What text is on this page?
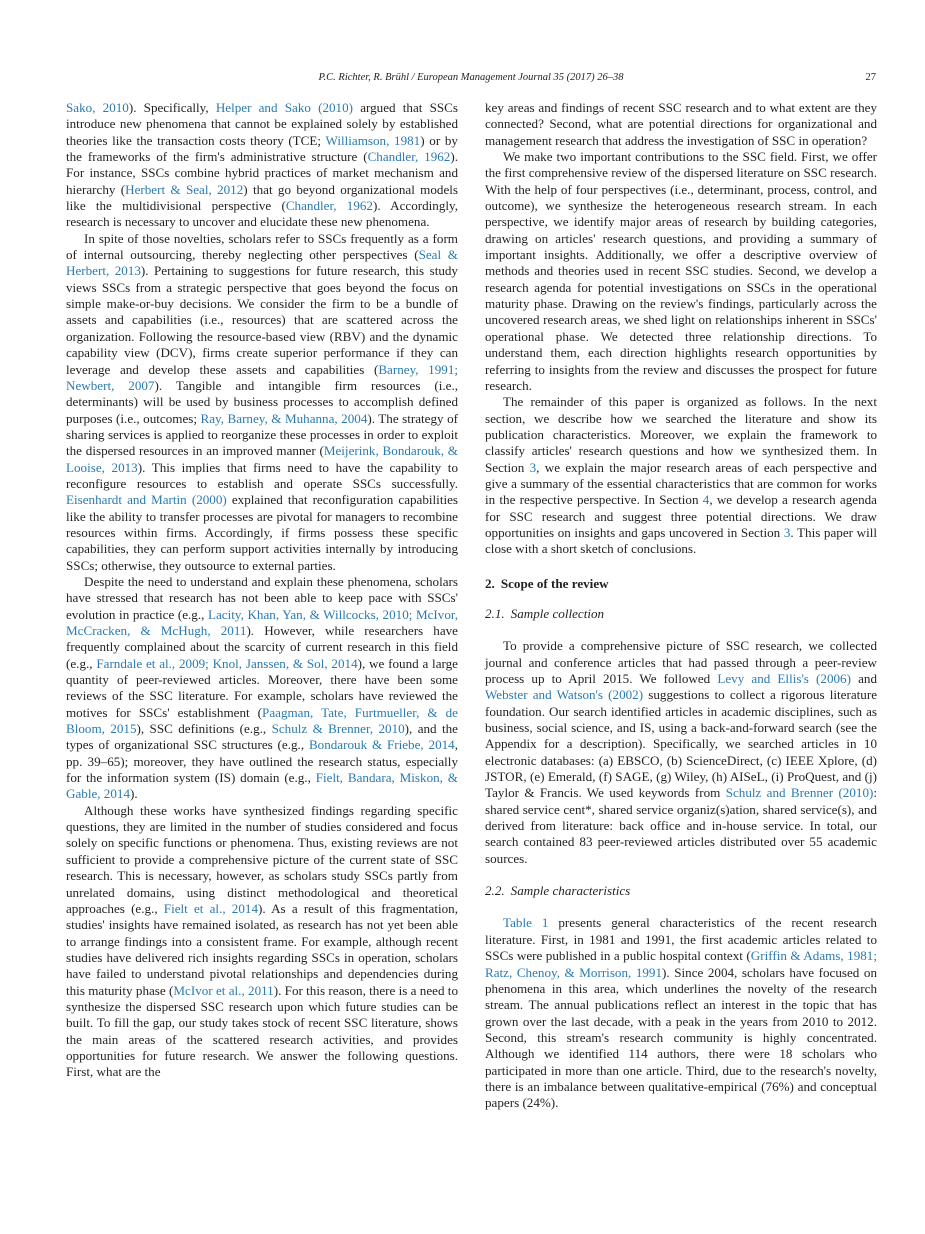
P.C. Richter, R. Brühl / European Management Journal 35 (2017) 26–38	27

Sako, 2010). Specifically, Helper and Sako (2010) argued that SSCs introduce new phenomena that cannot be explained solely by established theories like the transaction costs theory (TCE; Williamson, 1981) or by the frameworks of the firm's administrative structure (Chandler, 1962). For instance, SSCs combine hybrid practices of market mechanism and hierarchy (Herbert & Seal, 2012) that go beyond organizational models like the multidivisional perspective (Chandler, 1962). Accordingly, research is necessary to uncover and elucidate these new phenomena.

In spite of those novelties, scholars refer to SSCs frequently as a form of internal outsourcing, thereby neglecting other perspectives (Seal & Herbert, 2013). Pertaining to suggestions for future research, this study views SSCs from a strategic perspective that goes beyond the focus on simple make-or-buy decisions. We consider the firm to be a bundle of assets and capabilities (i.e., resources) that are scattered across the organization. Following the resource-based view (RBV) and the dynamic capability view (DCV), firms create superior performance if they can leverage and develop these assets and capabilities (Barney, 1991; Newbert, 2007). Tangible and intangible firm resources (i.e., determinants) will be used by business processes to accomplish defined purposes (i.e., outcomes; Ray, Barney, & Muhanna, 2004). The strategy of sharing services is applied to reorganize these processes in order to exploit the dispersed resources in an improved manner (Meijerink, Bondarouk, & Looise, 2013). This implies that firms need to have the capability to reconfigure resources to establish and operate SSCs successfully. Eisenhardt and Martin (2000) explained that reconfiguration capabilities like the ability to transfer processes are pivotal for managers to recombine resources within firms. Accordingly, if firms possess these specific capabilities, they can perform support activities internally by introducing SSCs; otherwise, they outsource to external parties.

Despite the need to understand and explain these phenomena, scholars have stressed that research has not been able to keep pace with SSCs' evolution in practice (e.g., Lacity, Khan, Yan, & Willcocks, 2010; McIvor, McCracken, & McHugh, 2011). However, while researchers have frequently complained about the scarcity of current research in this field (e.g., Farndale et al., 2009; Knol, Janssen, & Sol, 2014), we found a large quantity of peer-reviewed articles. Moreover, there have been some reviews of the SSC literature. For example, scholars have reviewed the motives for SSCs' establishment (Paagman, Tate, Furtmueller, & de Bloom, 2015), SSC definitions (e.g., Schulz & Brenner, 2010), and the types of organizational SSC structures (e.g., Bondarouk & Friebe, 2014, pp. 39–65); moreover, they have outlined the research status, especially for the information system (IS) domain (e.g., Fielt, Bandara, Miskon, & Gable, 2014).

Although these works have synthesized findings regarding specific questions, they are limited in the number of studies considered and focus solely on specific functions or phenomena. Thus, existing reviews are not sufficient to provide a comprehensive picture of the current state of SSC research. This is necessary, however, as scholars study SSCs partly from unrelated domains, using distinct methodological and theoretical approaches (e.g., Fielt et al., 2014). As a result of this fragmentation, studies' insights have remained isolated, as research has not yet been able to arrange findings into a consistent frame. For example, although recent studies have delivered rich insights regarding SSCs in operation, scholars have failed to understand pivotal relationships and dependencies during this maturity phase (McIvor et al., 2011). For this reason, there is a need to synthesize the dispersed SSC research upon which future studies can be built. To fill the gap, our study takes stock of recent SSC literature, shows the main areas of the scattered research activities, and provides opportunities for future research. We answer the following questions. First, what are the

key areas and findings of recent SSC research and to what extent are they connected? Second, what are potential directions for organizational and management research that address the investigation of SSC in operation?

We make two important contributions to the SSC field. First, we offer the first comprehensive review of the dispersed literature on SSC research. With the help of four perspectives (i.e., determinant, process, control, and outcome), we synthesize the heterogeneous research stream. In each perspective, we identify major areas of research by building categories, drawing on articles' research questions, and providing a summary of important insights. Additionally, we offer a descriptive overview of methods and theories used in recent SSC studies. Second, we develop a research agenda for potential investigations on SSCs in the operational maturity phase. Drawing on the review's findings, particularly across the uncovered research areas, we shed light on relationships inherent in SSCs' operational phase. We detected three relationship directions. To understand them, each direction highlights research opportunities by referring to insights from the review and discusses the prospect for future research.

The remainder of this paper is organized as follows. In the next section, we describe how we searched the literature and show its publication characteristics. Moreover, we explain the framework to classify articles' research questions and how we synthesized them. In Section 3, we explain the major research areas of each perspective and give a summary of the essential characteristics that are common for works in the respective perspective. In Section 4, we develop a research agenda for SSC research and suggest three potential directions. We draw opportunities on insights and gaps uncovered in Section 3. This paper will close with a short sketch of conclusions.

2. Scope of the review
2.1. Sample collection

To provide a comprehensive picture of SSC research, we collected journal and conference articles that had passed through a peer-review process up to April 2015. We followed Levy and Ellis's (2006) and Webster and Watson's (2002) suggestions to collect a rigorous literature foundation. Our search identified articles in academic disciplines, such as business, social science, and IS, using a back-and-forward search (see the Appendix for a description). Specifically, we searched articles in 10 electronic databases: (a) EBSCO, (b) ScienceDirect, (c) IEEE Xplore, (d) JSTOR, (e) Emerald, (f) SAGE, (g) Wiley, (h) AISeL, (i) ProQuest, and (j) Taylor & Francis. We used keywords from Schulz and Brenner (2010): shared service cent*, shared service organiz(s)ation, shared service(s), and derived from literature: back office and in-house service. In total, our search contained 83 peer-reviewed articles distributed over 55 academic sources.

2.2. Sample characteristics

Table 1 presents general characteristics of the recent research literature. First, in 1981 and 1991, the first academic articles related to SSCs were published in a public hospital context (Griffin & Adams, 1981; Ratz, Chenoy, & Morrison, 1991). Since 2004, scholars have focused on phenomena in this area, which underlines the novelty of the research stream. The annual publications reflect an interest in the topic that has grown over the last decade, with a peak in the years from 2010 to 2012. Second, this stream's research community is highly concentrated. Although we identified 114 authors, there were 18 scholars who participated in more than one article. Third, due to the research's novelty, there is an imbalance between qualitative-empirical (76%) and conceptual papers (24%).
